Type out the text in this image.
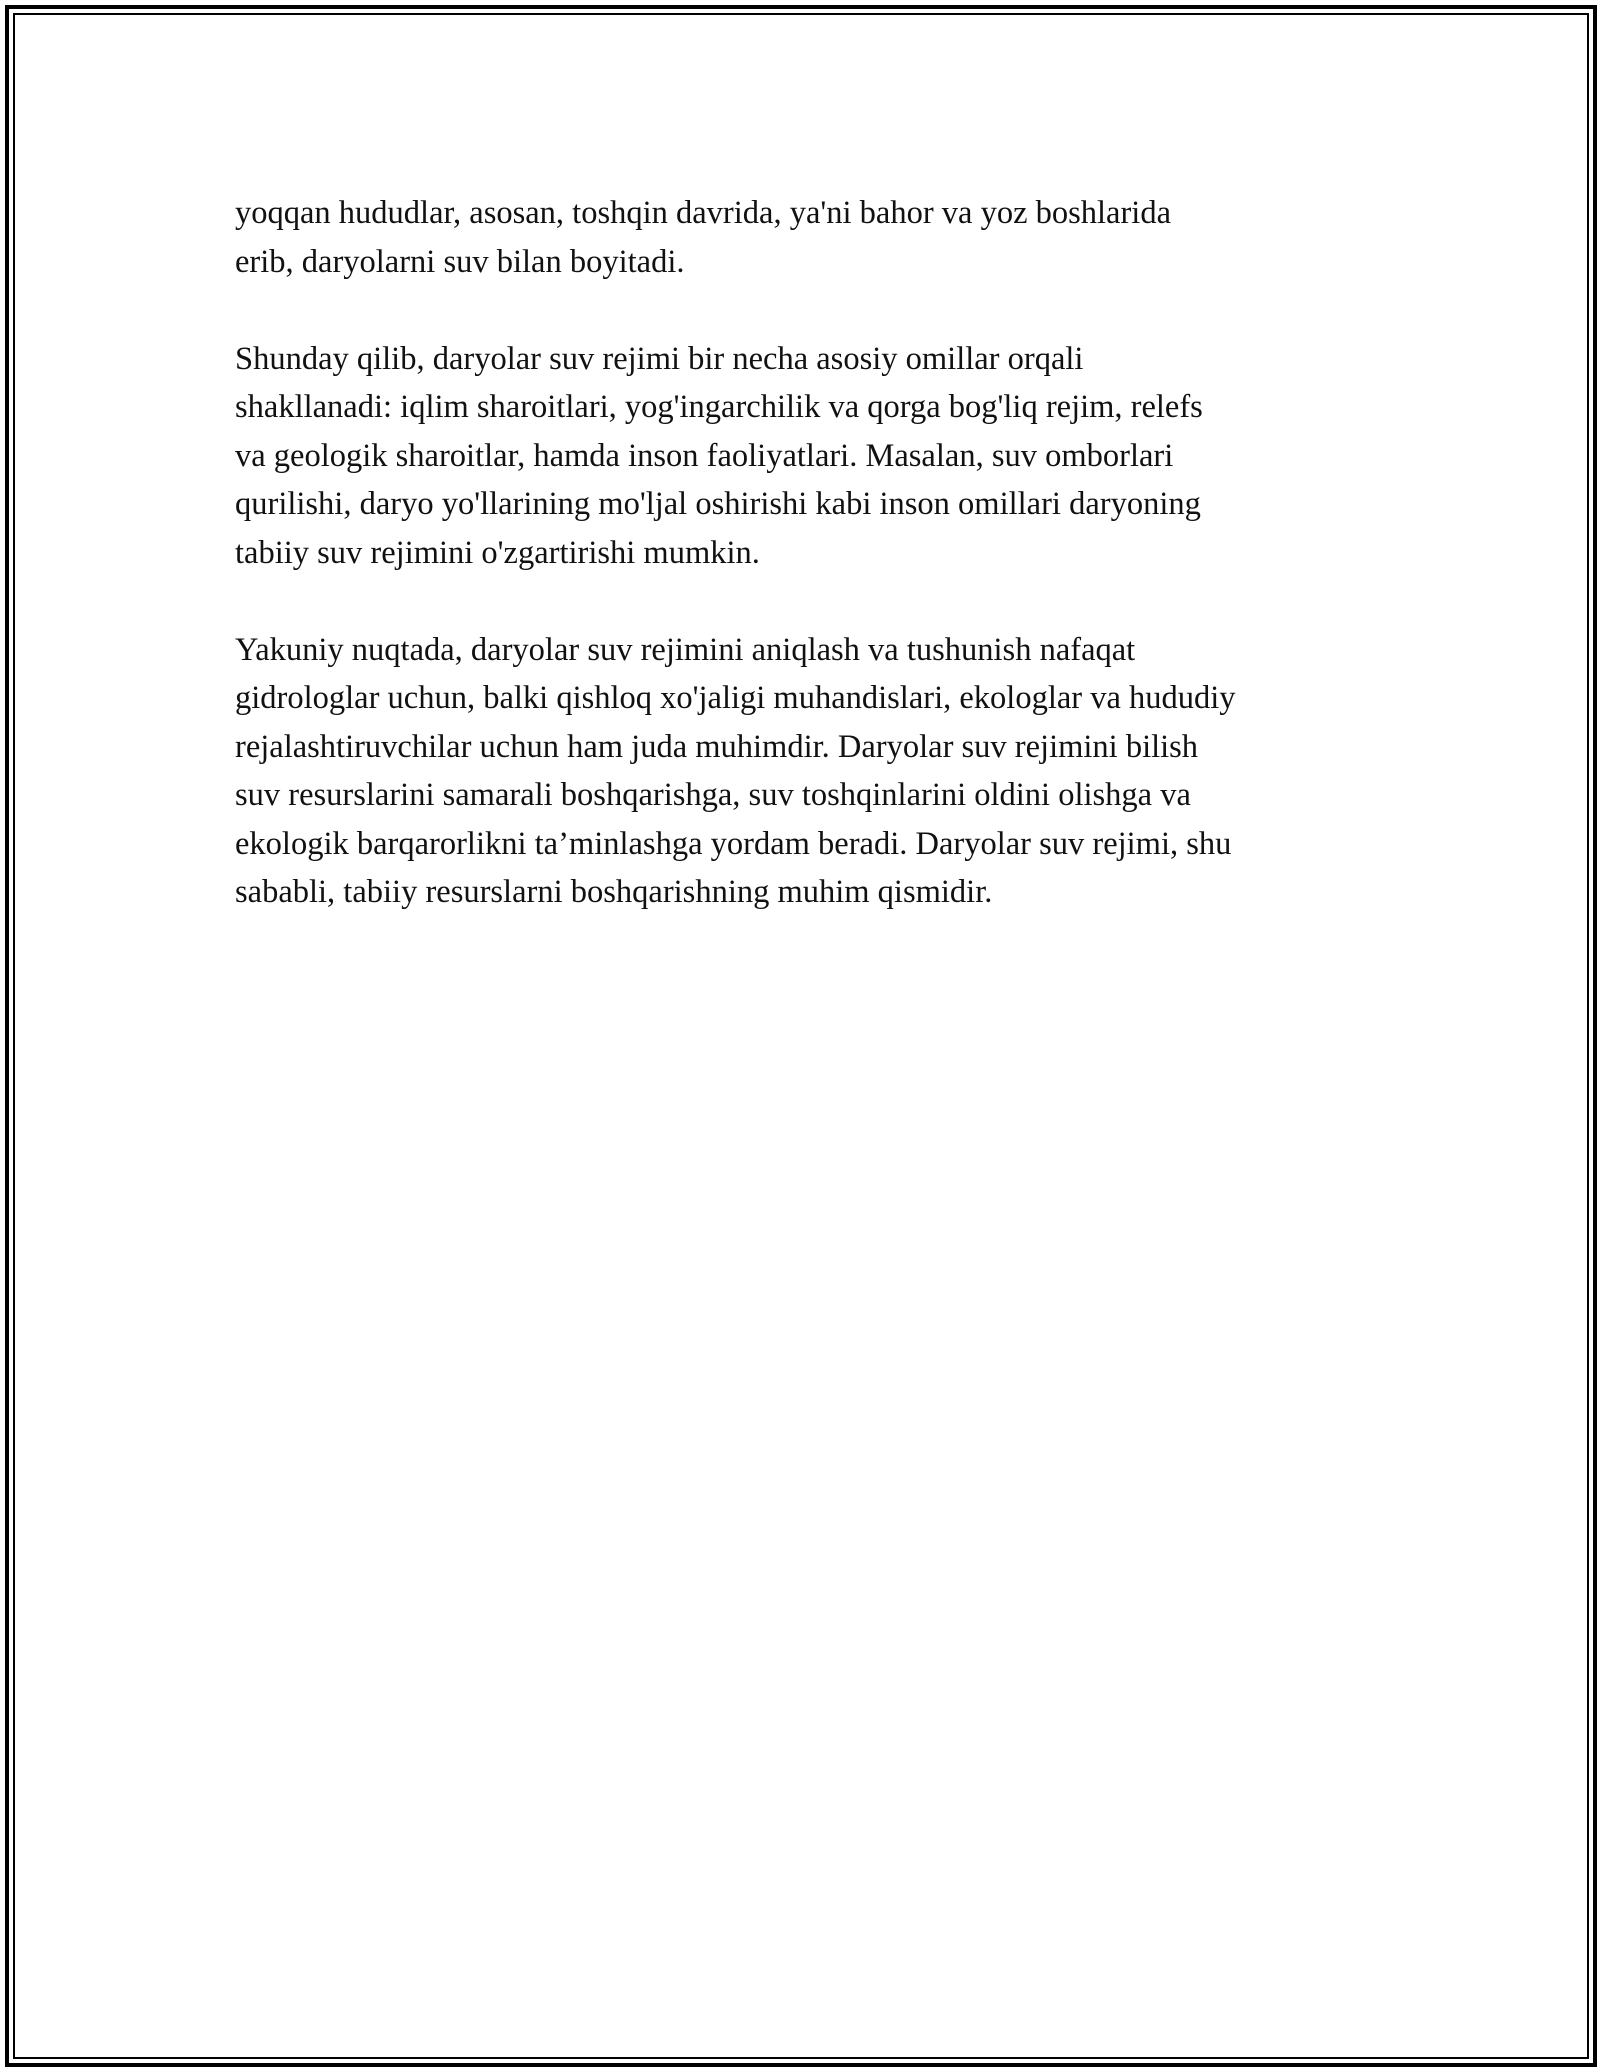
yoqqan hududlar, asosan, toshqin davrida, ya'ni bahor va yoz boshlarida
erib, daryolarni suv bilan boyitadi.

Shunday qilib, daryolar suv rejimi bir necha asosiy omillar orqali
shakllanadi: iqlim sharoitlari, yog'ingarchilik va qorga bog'liq rejim, relefs
va geologik sharoitlar, hamda inson faoliyatlari. Masalan, suv omborlari
qurilishi, daryo yo'llarining mo'ljal oshirishi kabi inson omillari daryoning
tabiiy suv rejimini o'zgartirishi mumkin.

Yakuniy nuqtada, daryolar suv rejimini aniqlash va tushunish nafaqat
gidrologlar uchun, balki qishloq xo'jaligi muhandislari, ekologlar va hududiy
rejalashtiruvchilar uchun ham juda muhimdir. Daryolar suv rejimini bilish
suv resurslarini samarali boshqarishga, suv toshqinlarini oldini olishga va
ekologik barqarorlikni ta’minlashga yordam beradi. Daryolar suv rejimi, shu
sababli, tabiiy resurslarni boshqarishning muhim qismidir.
